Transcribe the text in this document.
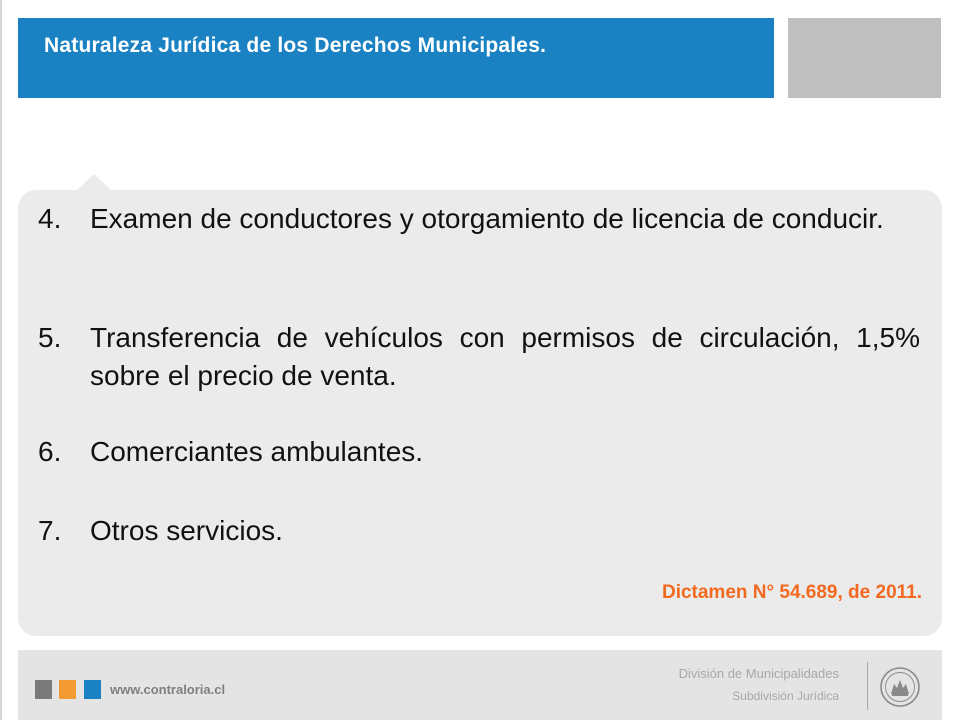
Naturaleza Jurídica de los Derechos Municipales.
4. Examen de conductores y otorgamiento de licencia de conducir.
5. Transferencia de vehículos con permisos de circulación, 1,5% sobre el precio de venta.
6. Comerciantes ambulantes.
7. Otros servicios.
Dictamen N° 54.689, de 2011.
www.contraloria.cl
División de Municipalidades
Subdivisión Jurídica
